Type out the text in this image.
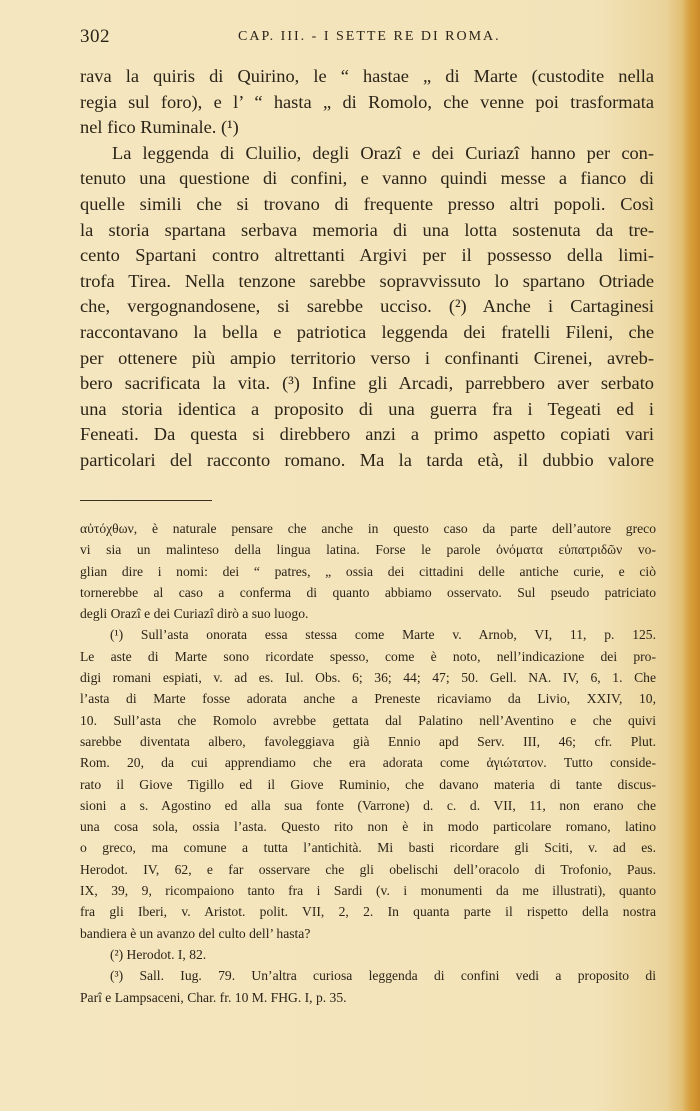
302	CAP. III. - I SETTE RE DI ROMA.
rava la quiris di Quirino, le “ hastae „ di Marte (custodite nella
regia sul foro), e l’ “ hasta „ di Romolo, che venne poi trasformata
nel fico Ruminale. (¹)
La leggenda di Cluilio, degli Orazî e dei Curiazî hanno per con-
tenuto una questione di confini, e vanno quindi messe a fianco di
quelle simili che si trovano di frequente presso altri popoli. Così
la storia spartana serbava memoria di una lotta sostenuta da tre-
cento Spartani contro altrettanti Argivi per il possesso della limi-
trofa Tirea. Nella tenzone sarebbe sopravvissuto lo spartano Otriade
che, vergognandosene, si sarebbe ucciso. (²) Anche i Cartaginesi
raccontavano la bella e patriotica leggenda dei fratelli Fileni, che
per ottenere più ampio territorio verso i confinanti Cirenei, avreb-
bero sacrificata la vita. (³) Infine gli Arcadi, parrebbero aver serbato
una storia identica a proposito di una guerra fra i Tegeati ed i
Feneati. Da questa si direbbero anzi a primo aspetto copiati vari
particolari del racconto romano. Ma la tarda età, il dubbio valore
αὐτόχθων, è naturale pensare che anche in questo caso da parte dell’autore greco
vi sia un malinteso della lingua latina. Forse le parole ὀνόματα εὐπατριδῶν vo-
glian dire i nomi: dei “ patres, „ ossia dei cittadini delle antiche curie, e ciò
tornerebbe al caso a conferma di quanto abbiamo osservato. Sul pseudo patriciato
degli Orazî e dei Curiazî dirò a suo luogo.
(¹) Sull’asta onorata essa stessa come Marte v. Arnob, VI, 11, p. 125.
Le aste di Marte sono ricordate spesso, come è noto, nell’indicazione dei pro-
digi romani espiati, v. ad es. Iul. Obs. 6; 36; 44; 47; 50. Gell. NA. IV, 6, 1. Che
l’asta di Marte fosse adorata anche a Preneste ricaviamo da Livio, XXIV, 10,
10. Sull’asta che Romolo avrebbe gettata dal Palatino nell’Aventino e che quivi
sarebbe diventata albero, favoleggiava già Ennio apd Serv. III, 46; cfr. Plut.
Rom. 20, da cui apprendiamo che era adorata come ἁγιώτατον. Tutto conside-
rato il Giove Tigillo ed il Giove Ruminio, che davano materia di tante discus-
sioni a s. Agostino ed alla sua fonte (Varrone) d. c. d. VII, 11, non erano che
una cosa sola, ossia l’asta. Questo rito non è in modo particolare romano, latino
o greco, ma comune a tutta l’antichità. Mi basti ricordare gli Sciti, v. ad es.
Herodot. IV, 62, e far osservare che gli obelischi dell’oracolo di Trofonio, Paus.
IX, 39, 9, ricompaiono tanto fra i Sardi (v. i monumenti da me illustrati), quanto
fra gli Iberi, v. Aristot. polit. VII, 2, 2. In quanta parte il rispetto della nostra
bandiera è un avanzo del culto dell’ hasta?
(²) Herodot. I, 82.
(³) Sall. Iug. 79. Un’altra curiosa leggenda di confini vedi a proposito di
Parî e Lampsaceni, Char. fr. 10 M. FHG. I, p. 35.
